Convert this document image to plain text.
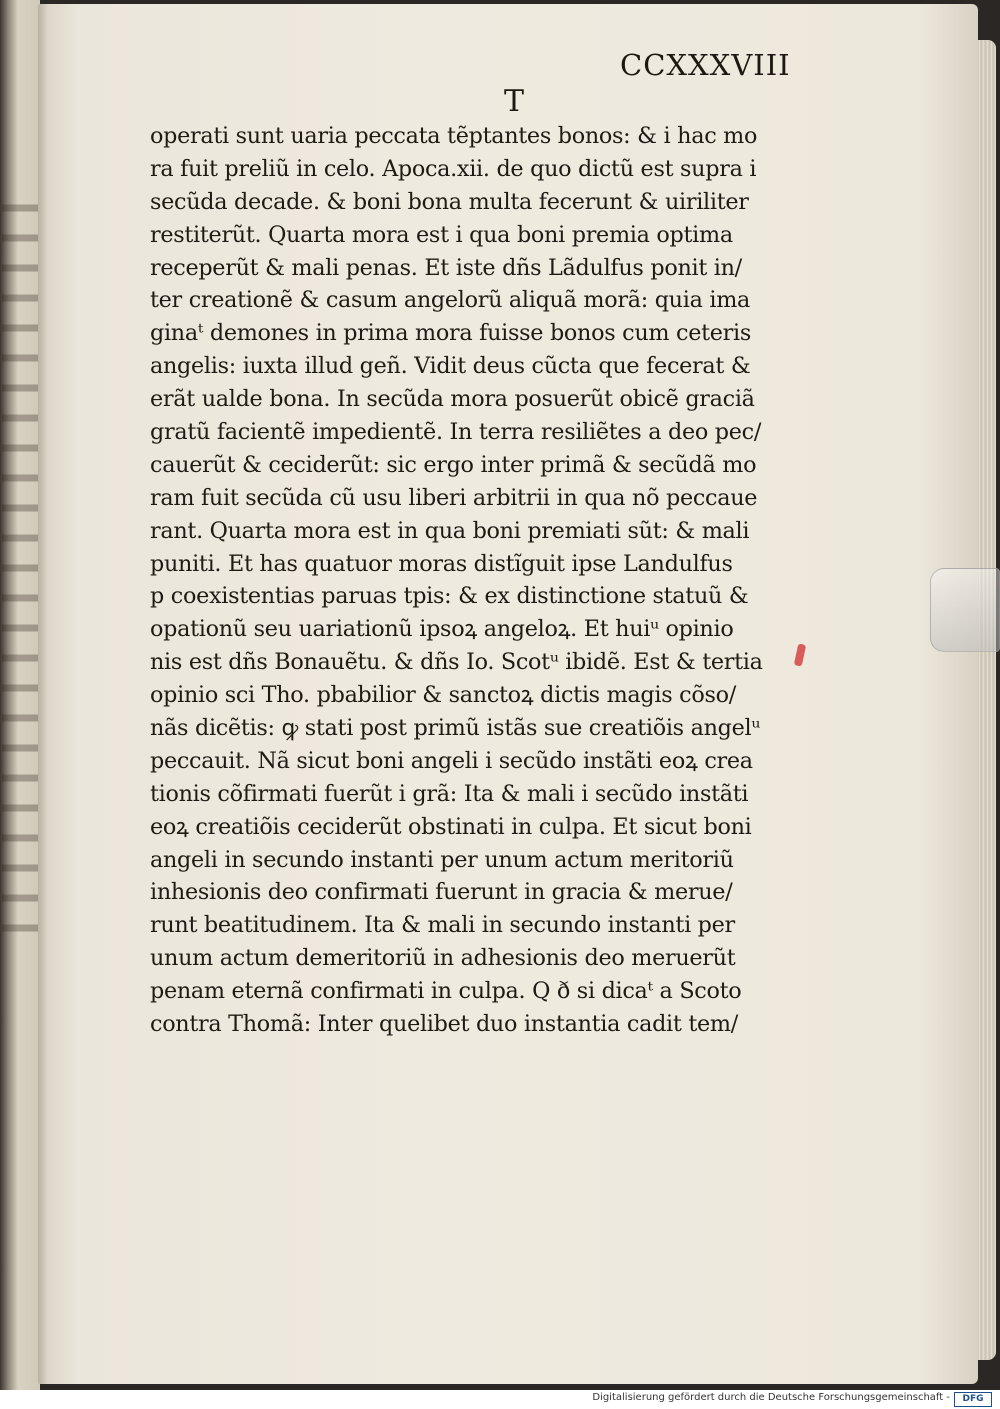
CCXXXVIII
T
operati sunt uaria peccata tẽptantes bonos: & i hac mo
ra fuit preliũ in celo. Apoca.xii. de quo dictũ est supra i
secũda decade. & boni bona multa fecerunt & uiriliter
restiterũt. Quarta mora est i qua boni premia optima
receperũt & mali penas. Et iste dñs Lãdulfus ponit in/
ter creationẽ & casum angelorũ aliquã morã: quia ima
ginaᵗ demones in prima mora fuisse bonos cum ceteris
angelis: iuxta illud geñ. Vidit deus cũcta que fecerat &
erãt ualde bona. In secũda mora posuerũt obicẽ graciã
gratũ facientẽ impedientẽ. In terra resiliẽtes a deo pec/
cauerũt & ceciderũt: sic ergo inter primã & secũdã mo
ram fuit secũda cũ usu liberi arbitrii in qua nõ peccaue
rant. Quarta mora est in qua boni premiati sũt: & mali
puniti. Et has quatuor moras distĩguit ipse Landulfus
p coexistentias paruas tpis: & ex distinctione statuũ &
opationũ seu uariationũ ipsoꝝ angeloꝝ. Et huiᵘ opinio
nis est dñs Bonauẽtu. & dñs Io. Scotᵘ ibidẽ. Est & tertia
opinio sci Tho. pbabilior & sanctoꝝ dictis magis cõso/
nãs dicẽtis: ꝙ stati post primũ istãs sue creatiõis angelᵘ
peccauit. Nã sicut boni angeli i secũdo instãti eoꝝ crea
tionis cõfirmati fuerũt i grã: Ita & mali i secũdo instãti
eoꝝ creatiõis ceciderũt obstinati in culpa. Et sicut boni
angeli in secundo instanti per unum actum meritoriũ
inhesionis deo confirmati fuerunt in gracia & merue/
runt beatitudinem. Ita & mali in secundo instanti per
unum actum demeritoriũ in adhesionis deo meruerũt
penam eternã confirmati in culpa. Q ð si dicaᵗ a Scoto
contra Thomã: Inter quelibet duo instantia cadit tem/
Digitalisierung gefördert durch die Deutsche Forschungsgemeinschaft -	DFG
